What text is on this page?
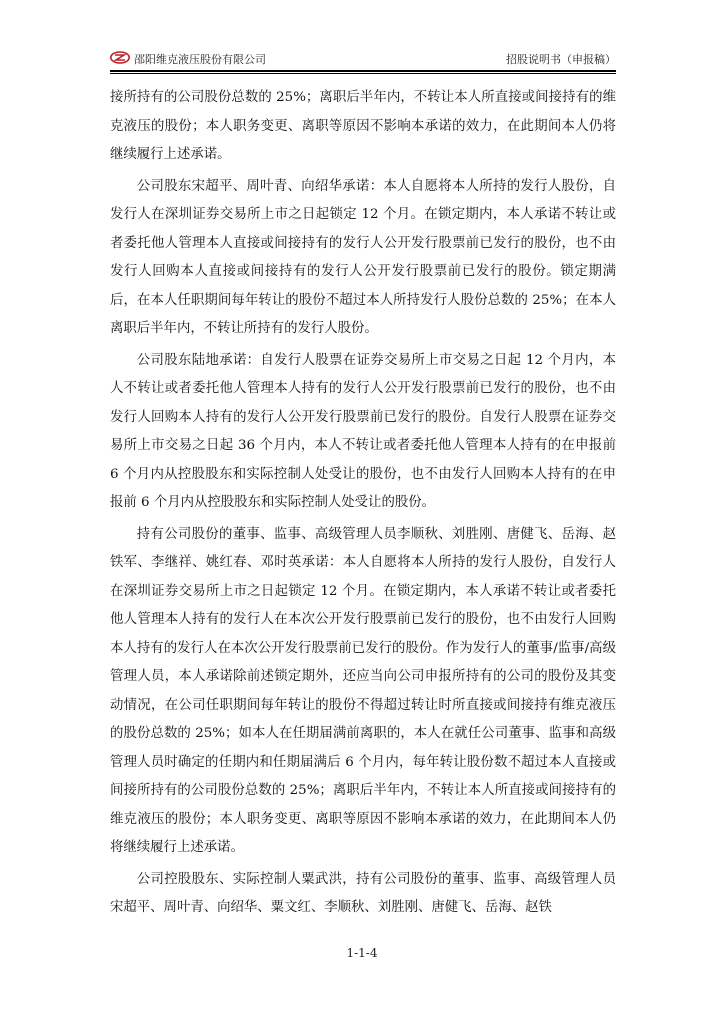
邵阳维克液压股份有限公司	招股说明书（申报稿）

接所持有的公司股份总数的 25%；离职后半年内，不转让本人所直接或间接持有的维克液压的股份；本人职务变更、离职等原因不影响本承诺的效力，在此期间本人仍将继续履行上述承诺。

公司股东宋超平、周叶青、向绍华承诺：本人自愿将本人所持的发行人股份，自发行人在深圳证券交易所上市之日起锁定 12 个月。在锁定期内，本人承诺不转让或者委托他人管理本人直接或间接持有的发行人公开发行股票前已发行的股份，也不由发行人回购本人直接或间接持有的发行人公开发行股票前已发行的股份。锁定期满后，在本人任职期间每年转让的股份不超过本人所持发行人股份总数的 25%；在本人离职后半年内，不转让所持有的发行人股份。

公司股东陆地承诺：自发行人股票在证券交易所上市交易之日起 12 个月内，本人不转让或者委托他人管理本人持有的发行人公开发行股票前已发行的股份，也不由发行人回购本人持有的发行人公开发行股票前已发行的股份。自发行人股票在证券交易所上市交易之日起 36 个月内，本人不转让或者委托他人管理本人持有的在申报前 6 个月内从控股股东和实际控制人处受让的股份，也不由发行人回购本人持有的在申报前 6 个月内从控股股东和实际控制人处受让的股份。

持有公司股份的董事、监事、高级管理人员李顺秋、刘胜刚、唐健飞、岳海、赵铁军、李继祥、姚红春、邓时英承诺：本人自愿将本人所持的发行人股份，自发行人在深圳证券交易所上市之日起锁定 12 个月。在锁定期内，本人承诺不转让或者委托他人管理本人持有的发行人在本次公开发行股票前已发行的股份，也不由发行人回购本人持有的发行人在本次公开发行股票前已发行的股份。作为发行人的董事/监事/高级管理人员，本人承诺除前述锁定期外，还应当向公司申报所持有的公司的股份及其变动情况，在公司任职期间每年转让的股份不得超过转让时所直接或间接持有维克液压的股份总数的 25%；如本人在任期届满前离职的，本人在就任公司董事、监事和高级管理人员时确定的任期内和任期届满后 6 个月内，每年转让股份数不超过本人直接或间接所持有的公司股份总数的 25%；离职后半年内，不转让本人所直接或间接持有的维克液压的股份；本人职务变更、离职等原因不影响本承诺的效力，在此期间本人仍将继续履行上述承诺。

公司控股股东、实际控制人粟武洪，持有公司股份的董事、监事、高级管理人员宋超平、周叶青、向绍华、粟文红、李顺秋、刘胜刚、唐健飞、岳海、赵铁

1-1-4
